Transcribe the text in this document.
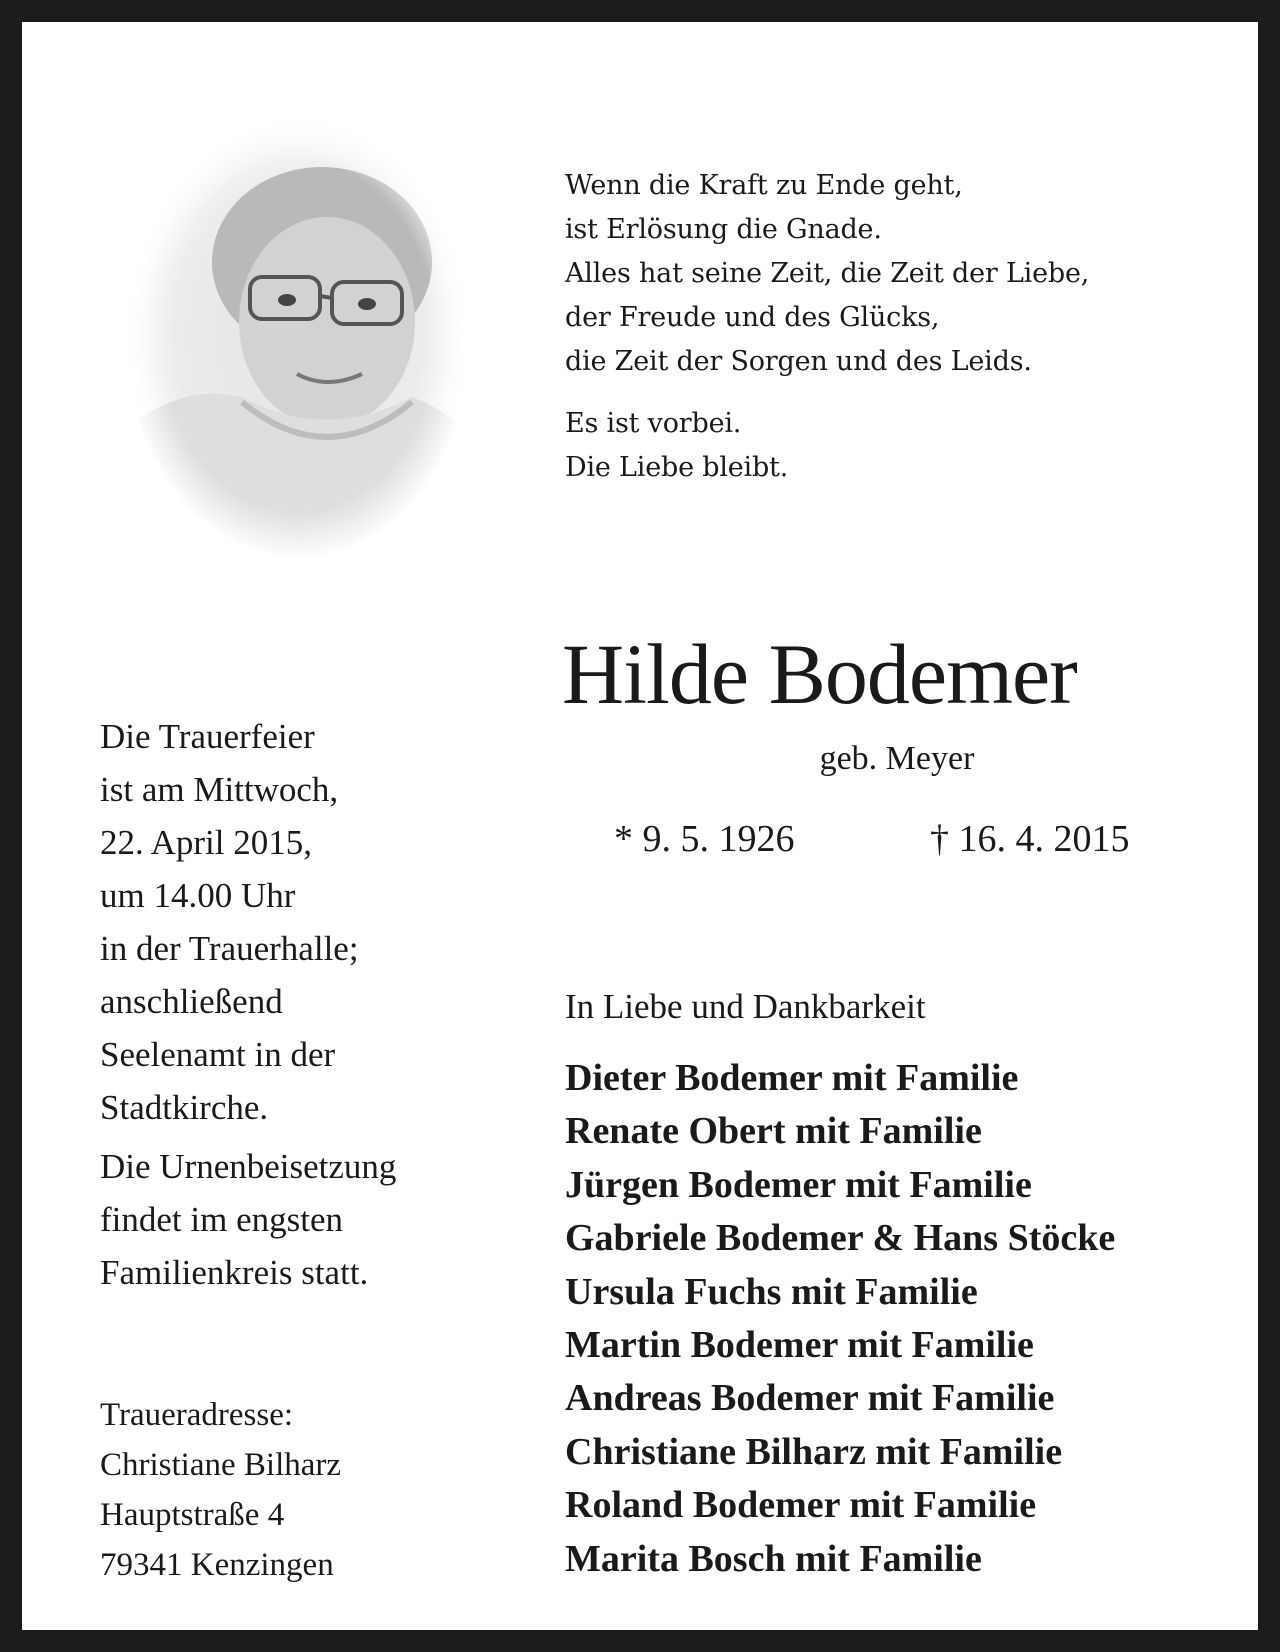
Wenn die Kraft zu Ende geht,

ist Erlösung die Gnade.

Alles hat seine Zeit, die Zeit der Liebe,

der Freude und des Glücks,

die Zeit der Sorgen und des Leids.

Es ist vorbei.

Die Liebe bleibt.

Hilde Bodemer
geb. Meyer
* 9. 5. 1926	† 16. 4. 2015

Die Trauerfeier

ist am Mittwoch,

22. April 2015,

um 14.00 Uhr

in der Trauerhalle;

anschließend

Seelenamt in der

Stadtkirche.

Die Urnenbeisetzung

findet im engsten

Familienkreis statt.

Traueradresse:

Christiane Bilharz

Hauptstraße 4

79341 Kenzingen

In Liebe und Dankbarkeit
Dieter Bodemer mit Familie
Renate Obert mit Familie
Jürgen Bodemer mit Familie
Gabriele Bodemer & Hans Stöcke
Ursula Fuchs mit Familie
Martin Bodemer mit Familie
Andreas Bodemer mit Familie
Christiane Bilharz mit Familie
Roland Bodemer mit Familie
Marita Bosch mit Familie
